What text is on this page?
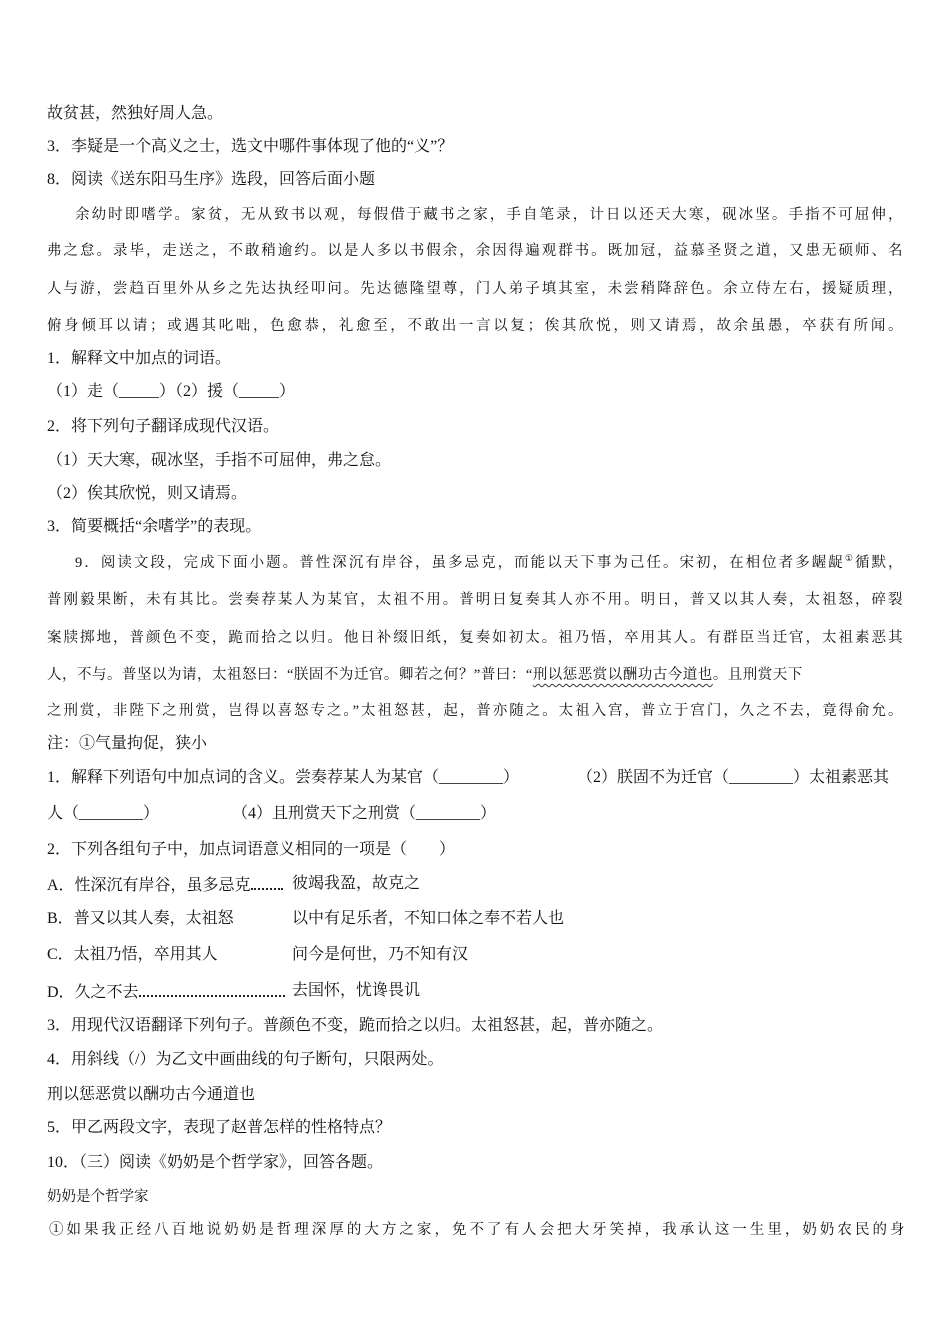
故贫甚，然独好周人急。
3．李疑是一个高义之士，选文中哪件事体现了他的“义”？
8．阅读《送东阳马生序》选段，回答后面小题
余幼时即嗜学。家贫，无从致书以观，每假借于藏书之家，手自笔录，计日以还天大寒，砚冰坚。手指不可屈伸，
弗之怠。录毕，走送之，不敢稍逾约。以是人多以书假余，余因得遍观群书。既加冠，益慕圣贤之道，又患无硕师、名
人与游，尝趋百里外从乡之先达执经叩问。先达德隆望尊，门人弟子填其室，未尝稍降辞色。余立侍左右，援疑质理，
俯身倾耳以请；或遇其叱咄，色愈恭，礼愈至，不敢出一言以复；俟其欣悦，则又请焉，故余虽愚，卒获有所闻。
1．解释文中加点的词语。
（1）走（_____）（2）援（_____）
2．将下列句子翻译成现代汉语。
（1）天大寒，砚冰坚，手指不可屈伸，弗之怠。
（2）俟其欣悦，则又请焉。
3．简要概括“余嗜学”的表现。
9．阅读文段，完成下面小题。普性深沉有岸谷，虽多忌克，而能以天下事为己任。宋初，在相位者多龌龊①循默，
普刚毅果断，未有其比。尝奏荐某人为某官，太祖不用。普明日复奏其人亦不用。明日，普又以其人奏，太祖怒，碎裂
案牍掷地，普颜色不变，跪而拾之以归。他日补缀旧纸，复奏如初太。祖乃悟，卒用其人。有群臣当迁官，太祖素恶其
人，不与。普坚以为请，太祖怒曰：“朕固不为迁官。卿若之何？”普曰：“刑以惩恶赏以酬功古今道也。且刑赏天下
之刑赏，非陛下之刑赏，岂得以喜怒专之。”太祖怒甚，起，普亦随之。太祖入宫，普立于宫门，久之不去，竟得俞允。
注：①气量拘促，狭小
1．解释下列语句中加点词的含义。尝奏荐某人为某官（________）	（2）朕固不为迁官（________）太祖素恶其
人（________）	（4）且刑赏天下之刑赏（________）
2．下列各组句子中，加点词语意义相同的一项是（　　）
A．性深沉有岸谷，虽多忌克	彼竭我盈，故克之
B．普又以其人奏，太祖怒	以中有足乐者，不知口体之奉不若人也
C．太祖乃悟，卒用其人	问今是何世，乃不知有汉
D．久之不去	去国怀，忧谗畏讥
3．用现代汉语翻译下列句子。普颜色不变，跪而拾之以归。太祖怒甚，起，普亦随之。
4．用斜线（/）为乙文中画曲线的句子断句，只限两处。
刑以惩恶赏以酬功古今通道也
5．甲乙两段文字，表现了赵普怎样的性格特点？
10．（三）阅读《奶奶是个哲学家》，回答各题。
奶奶是个哲学家
①如果我正经八百地说奶奶是哲理深厚的大方之家，免不了有人会把大牙笑掉，我承认这一生里，奶奶农民的身
